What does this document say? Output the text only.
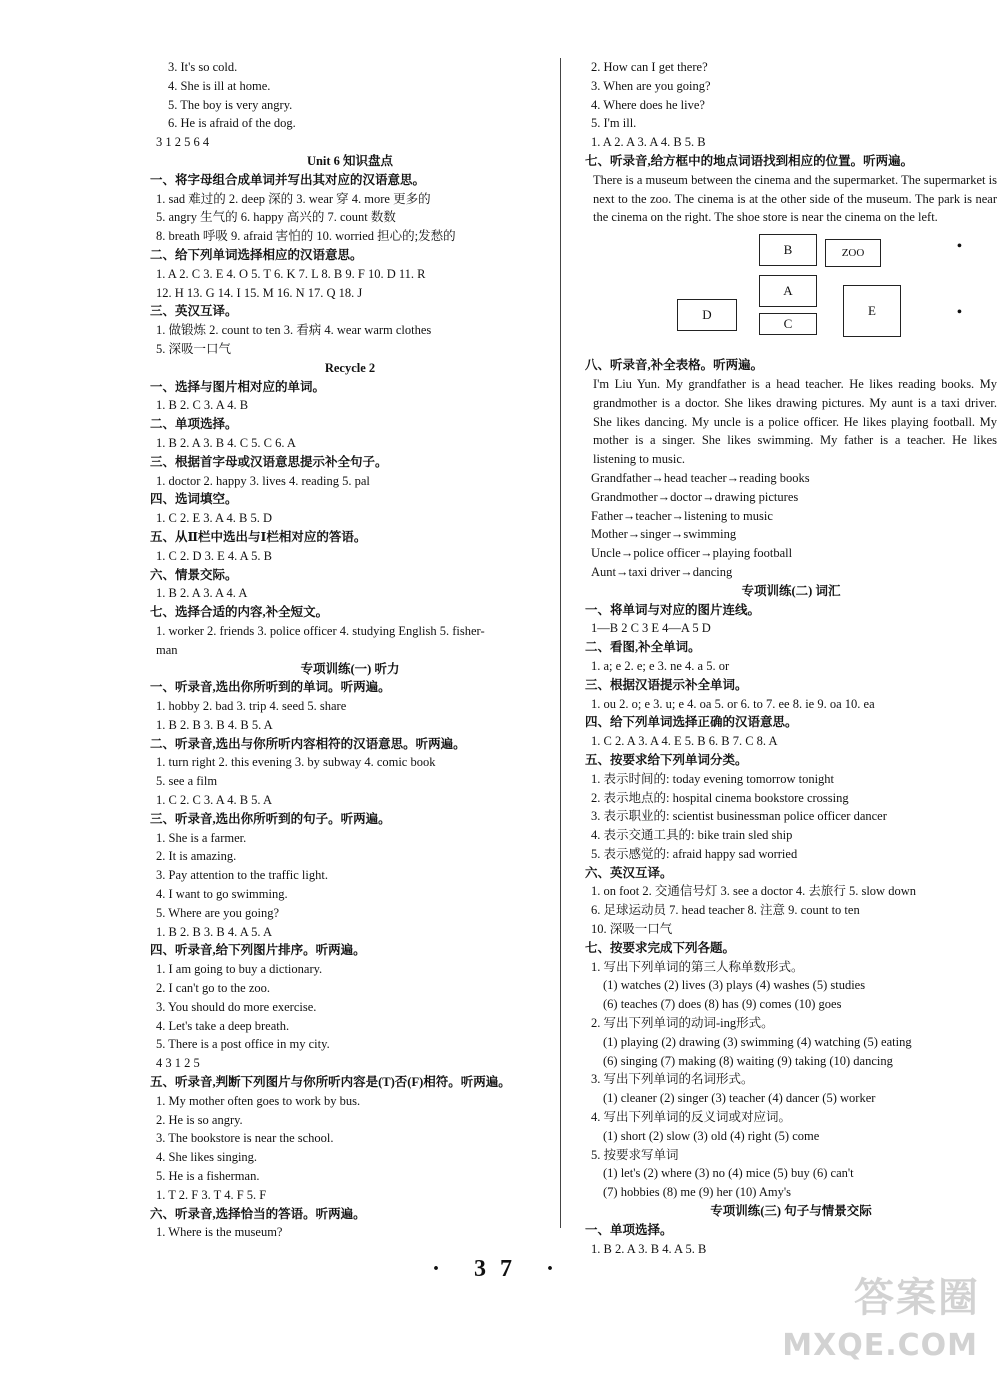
3. It's so cold.
4. She is ill at home.
5. The boy is very angry.
6. He is afraid of the dog.
3 1 2 5 6 4
Unit 6 知识盘点
一、将字母组合成单词并写出其对应的汉语意思。
1. sad 难过的 2. deep 深的 3. wear 穿 4. more 更多的
5. angry 生气的 6. happy 高兴的 7. count 数数
8. breath 呼吸 9. afraid 害怕的 10. worried 担心的;发愁的
二、给下列单词选择相应的汉语意思。
1. A 2. C 3. E 4. O 5. T 6. K 7. L 8. B 9. F 10. D 11. R
12. H 13. G 14. I 15. M 16. N 17. Q 18. J
三、英汉互译。
1. 做锻炼 2. count to ten 3. 看病 4. wear warm clothes
5. 深吸一口气
Recycle 2
一、选择与图片相对应的单词。
1. B 2. C 3. A 4. B
二、单项选择。
1. B 2. A 3. B 4. C 5. C 6. A
三、根据首字母或汉语意思提示补全句子。
1. doctor 2. happy 3. lives 4. reading 5. pal
四、选词填空。
1. C 2. E 3. A 4. B 5. D
五、从Ⅱ栏中选出与Ⅰ栏相对应的答语。
1. C 2. D 3. E 4. A 5. B
六、情景交际。
1. B 2. A 3. A 4. A
七、选择合适的内容,补全短文。
1. worker 2. friends 3. police officer 4. studying English 5. fisher-
man
专项训练(一) 听力
一、听录音,选出你所听到的单词。听两遍。
1. hobby 2. bad 3. trip 4. seed 5. share
1. B 2. B 3. B 4. B 5. A
二、听录音,选出与你所听内容相符的汉语意思。听两遍。
1. turn right 2. this evening 3. by subway 4. comic book
5. see a film
1. C 2. C 3. A 4. B 5. A
三、听录音,选出你所听到的句子。听两遍。
1. She is a farmer.
2. It is amazing.
3. Pay attention to the traffic light.
4. I want to go swimming.
5. Where are you going?
1. B 2. B 3. B 4. A 5. A
四、听录音,给下列图片排序。听两遍。
1. I am going to buy a dictionary.
2. I can't go to the zoo.
3. You should do more exercise.
4. Let's take a deep breath.
5. There is a post office in my city.
4 3 1 2 5
五、听录音,判断下列图片与你所听内容是(T)否(F)相符。听两遍。
1. My mother often goes to work by bus.
2. He is so angry.
3. The bookstore is near the school.
4. She likes singing.
5. He is a fisherman.
1. T 2. F 3. T 4. F 5. F
六、听录音,选择恰当的答语。听两遍。
1. Where is the museum?
2. How can I get there?
3. When are you going?
4. Where does he live?
5. I'm ill.
1. A 2. A 3. A 4. B 5. B
七、听录音,给方框中的地点词语找到相应的位置。听两遍。
There is a museum between the cinema and the supermarket. The supermarket is next to the zoo. The cinema is at the other side of the museum. The park is near the cinema on the right. The shoe store is near the cinema on the left.
B	ZOO
A
E
D
C
•
•
八、听录音,补全表格。听两遍。
I'm Liu Yun. My grandfather is a head teacher. He likes reading books. My grandmother is a doctor. She likes drawing pictures. My aunt is a taxi driver. She likes dancing. My uncle is a police officer. He likes playing football. My mother is a singer. She likes swimming. My father is a teacher. He likes listening to music.
Grandfather→head teacher→reading books
Grandmother→doctor→drawing pictures
Father→teacher→listening to music
Mother→singer→swimming
Uncle→police officer→playing football
Aunt→taxi driver→dancing
专项训练(二) 词汇
一、将单词与对应的图片连线。
1—B 2 C 3 E 4—A 5 D
二、看图,补全单词。
1. a; e 2. e; e 3. ne 4. a 5. or
三、根据汉语提示补全单词。
1. ou 2. o; e 3. u; e 4. oa 5. or 6. to 7. ee 8. ie 9. oa 10. ea
四、给下列单词选择正确的汉语意思。
1. C 2. A 3. A 4. E 5. B 6. B 7. C 8. A
五、按要求给下列单词分类。
1. 表示时间的: today evening tomorrow tonight
2. 表示地点的: hospital cinema bookstore crossing
3. 表示职业的: scientist businessman police officer dancer
4. 表示交通工具的: bike train sled ship
5. 表示感觉的: afraid happy sad worried
六、英汉互译。
1. on foot 2. 交通信号灯 3. see a doctor 4. 去旅行 5. slow down
6. 足球运动员 7. head teacher 8. 注意 9. count to ten
10. 深吸一口气
七、按要求完成下列各题。
1. 写出下列单词的第三人称单数形式。
(1) watches (2) lives (3) plays (4) washes (5) studies
(6) teaches (7) does (8) has (9) comes (10) goes
2. 写出下列单词的动词-ing形式。
(1) playing (2) drawing (3) swimming (4) watching (5) eating
(6) singing (7) making (8) waiting (9) taking (10) dancing
3. 写出下列单词的名词形式。
(1) cleaner (2) singer (3) teacher (4) dancer (5) worker
4. 写出下列单词的反义词或对应词。
(1) short (2) slow (3) old (4) right (5) come
5. 按要求写单词
(1) let's (2) where (3) no (4) mice (5) buy (6) can't
(7) hobbies (8) me (9) her (10) Amy's
专项训练(三) 句子与情景交际
一、单项选择。
1. B 2. A 3. B 4. A 5. B
· 37 ·
答案圈
MXQE.COM
